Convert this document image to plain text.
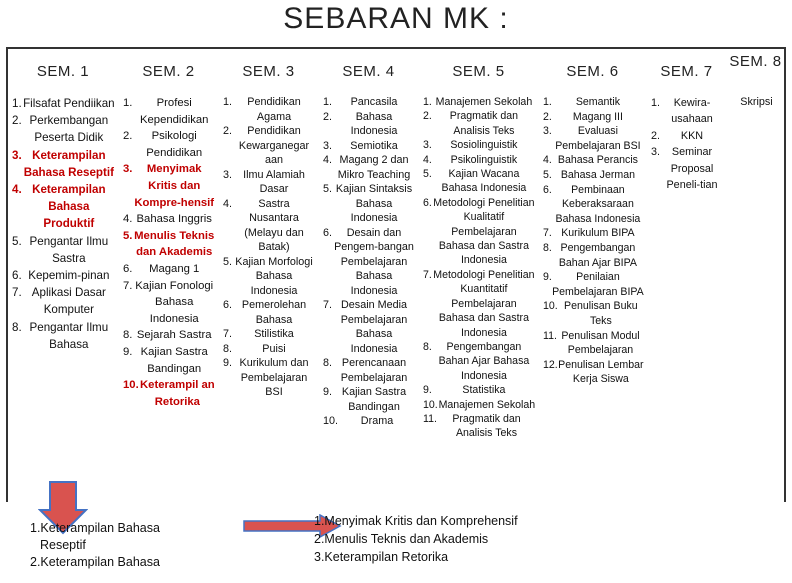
SEBARAN MK :
SEM. 1
1. Filsafat Pendiikan
2. Perkembangan Peserta Didik
3. Keterampilan Bahasa Reseptif
4. Keterampilan Bahasa Produktif
5. Pengantar Ilmu Sastra
6. Kepemim-pinan
7. Aplikasi Dasar Komputer
8. Pengantar Ilmu Bahasa
SEM. 2
1.	Profesi Kependidikan
2.	Psikologi Pendidikan
3.	Menyimak Kritis dan Kompre-hensif
4. Bahasa Inggris
5. Menulis Teknis dan Akademis
6.	Magang 1
7. Kajian Fonologi Bahasa Indonesia
8. Sejarah Sastra
9. Kajian Sastra Bandingan
10. Keterampil an Retorika
SEM. 3
1.	Pendidikan Agama
2.	Pendidikan Kewarganegar aan
3.	Ilmu Alamiah Dasar
4.	Sastra Nusantara (Melayu dan Batak)
5. Kajian Morfologi Bahasa Indonesia
6. Pemerolehan Bahasa
7.	Stilistika
8.	Puisi
9. Kurikulum dan Pembelajaran BSI
SEM. 4
1.	Pancasila
2.	Bahasa Indonesia
3.	Semiotika
4. Magang 2 dan Mikro Teaching
5. Kajian Sintaksis Bahasa Indonesia
6.	Desain dan Pengem-bangan Pembelajaran Bahasa Indonesia
7. Desain Media Pembelajaran Bahasa Indonesia
8. Perencanaan Pembelajaran
9. Kajian Sastra Bandingan
10.	Drama
SEM. 5
1. Manajemen Sekolah
2.	Pragmatik dan Analisis Teks
3.	Sosiolinguistik
4.	Psikolinguistik
5.	Kajian Wacana Bahasa Indonesia
6. Metodologi Penelitian Kualitatif Pembelajaran Bahasa dan Sastra Indonesia
7. Metodologi Penelitian Kuantitatif Pembelajaran Bahasa dan Sastra Indonesia
8.	Pengembangan Bahan Ajar Bahasa Indonesia
9.	Statistika
10. Manajemen Sekolah
11.	Pragmatik dan Analisis Teks
SEM. 6
1.	Semantik
2.	Magang III
3.	Evaluasi Pembelajaran BSI
4. Bahasa Perancis
5. Bahasa Jerman
6.	Pembinaan Keberaksaraan Bahasa Indonesia
7. Kurikulum BIPA
8. Pengembangan Bahan Ajar BIPA
9.	Penilaian Pembelajaran BIPA
10. Penulisan Buku Teks
11. Penulisan Modul Pembelajaran
12. Penulisan Lembar Kerja Siswa
SEM. 7
1.	Kewira-usahaan
2.	KKN
3.	Seminar Proposal Peneli-tian
SEM. 8
Skripsi
1.Keterampilan Bahasa
Reseptif
2.Keterampilan Bahasa
1.Menyimak Kritis dan Komprehensif
2.Menulis Teknis dan Akademis
3.Keterampilan Retorika
